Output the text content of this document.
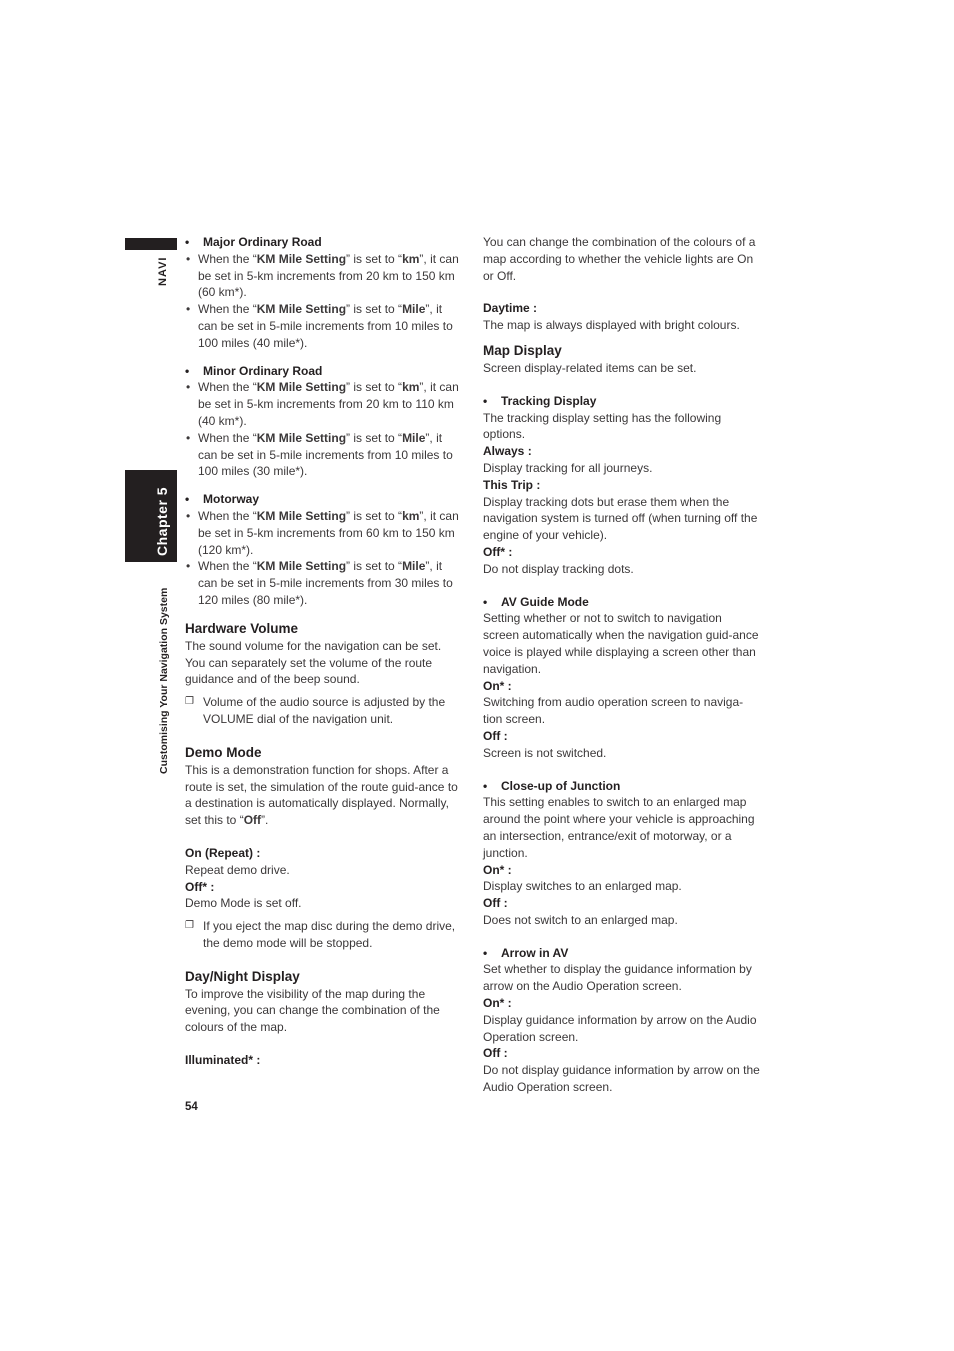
NAVI
Chapter 5
Customising Your Navigation System

• Major Ordinary Road

• When the “KM Mile Setting” is set to “km”, it can be set in 5-km increments from 20 km to 150 km (60 km*).
• When the “KM Mile Setting” is set to “Mile”, it can be set in 5-mile increments from 10 miles to 100 miles (40 mile*).

• Minor Ordinary Road

• When the “KM Mile Setting” is set to “km”, it can be set in 5-km increments from 20 km to 110 km (40 km*).
• When the “KM Mile Setting” is set to “Mile”, it can be set in 5-mile increments from 10 miles to 100 miles (30 mile*).

• Motorway

• When the “KM Mile Setting” is set to “km”, it can be set in 5-km increments from 60 km to 150 km (120 km*).
• When the “KM Mile Setting” is set to “Mile”, it can be set in 5-mile increments from 30 miles to 120 miles (80 mile*).

Hardware Volume

The sound volume for the navigation can be set. You can separately set the volume of the route guidance and of the beep sound.

❐ Volume of the audio source is adjusted by the VOLUME dial of the navigation unit.

Demo Mode

This is a demonstration function for shops. After a route is set, the simulation of the route guid-ance to a destination is automatically displayed. Normally, set this to “Off”.

On (Repeat) :

Repeat demo drive.

Off* :

Demo Mode is set off.

❐ If you eject the map disc during the demo drive, the demo mode will be stopped.

Day/Night Display

To improve the visibility of the map during the evening, you can change the combination of the colours of the map.

Illuminated* :

You can change the combination of the colours of a map according to whether the vehicle lights are On or Off.

Daytime :

The map is always displayed with bright colours.

Map Display

Screen display-related items can be set.

• Tracking Display

The tracking display setting has the following options.

Always :

Display tracking for all journeys.

This Trip :

Display tracking dots but erase them when the navigation system is turned off (when turning off the engine of your vehicle).

Off* :

Do not display tracking dots.

• AV Guide Mode

Setting whether or not to switch to navigation screen automatically when the navigation guid-ance voice is played while displaying a screen other than navigation.

On* :

Switching from audio operation screen to naviga-tion screen.

Off :

Screen is not switched.

• Close-up of Junction

This setting enables to switch to an enlarged map around the point where your vehicle is approaching an intersection, entrance/exit of motorway, or a junction.

On* :

Display switches to an enlarged map.

Off :

Does not switch to an enlarged map.

• Arrow in AV

Set whether to display the guidance information by arrow on the Audio Operation screen.

On* :

Display guidance information by arrow on the Audio Operation screen.

Off :

Do not display guidance information by arrow on the Audio Operation screen.

54
